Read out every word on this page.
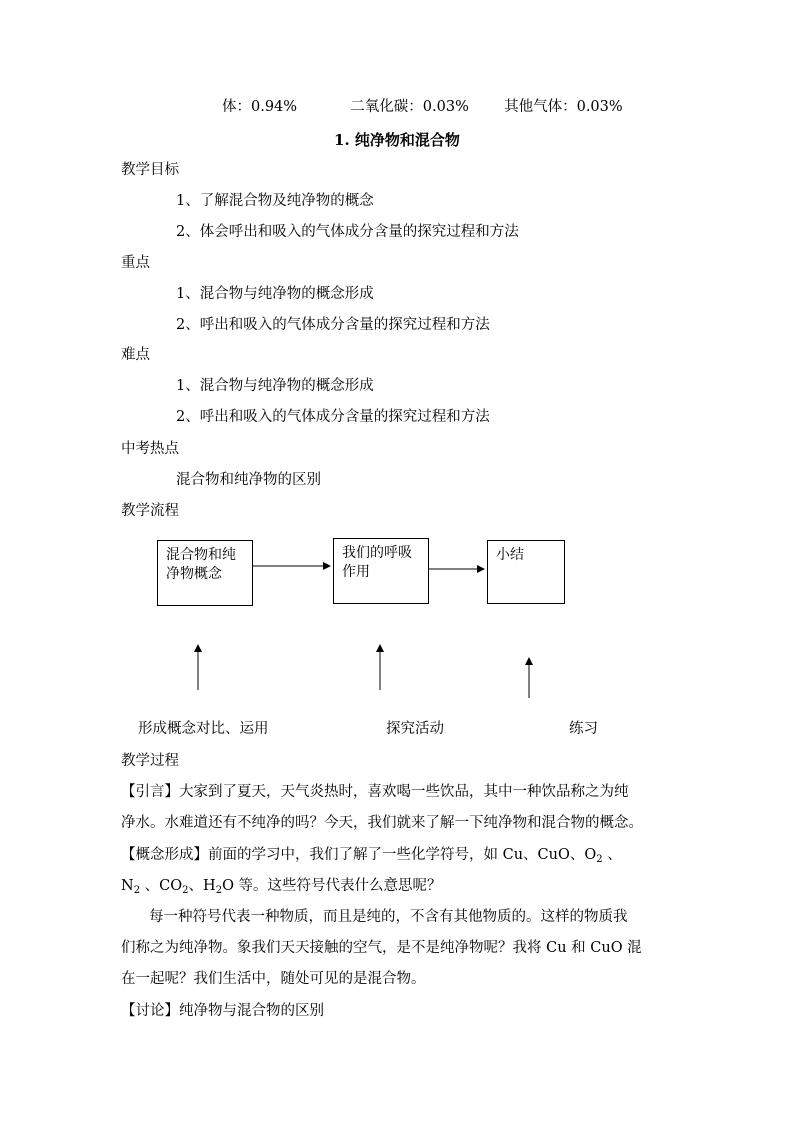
体：0.94%	二氧化碳：0.03% 其他气体：0.03%
1. 纯净物和混合物
教学目标
1、了解混合物及纯净物的概念
2、体会呼出和吸入的气体成分含量的探究过程和方法
重点
1、混合物与纯净物的概念形成
2、呼出和吸入的气体成分含量的探究过程和方法
难点
1、混合物与纯净物的概念形成
2、呼出和吸入的气体成分含量的探究过程和方法
中考热点
混合物和纯净物的区别
教学流程
混合物和纯
净物概念
我们的呼吸
作用
小结
形成概念对比、运用	探究活动	练习
教学过程
【引言】大家到了夏天，天气炎热时，喜欢喝一些饮品，其中一种饮品称之为纯
净水。水难道还有不纯净的吗？今天，我们就来了解一下纯净物和混合物的概念。
【概念形成】前面的学习中，我们了解了一些化学符号，如 Cu、CuO、$O_2$ 、
$N_2$ 、$CO_2$、$H_2O$ 等。这些符号代表什么意思呢？
每一种符号代表一种物质，而且是纯的，不含有其他物质的。这样的物质我
们称之为纯净物。象我们天天接触的空气，是不是纯净物呢？我将 Cu 和 CuO 混
在一起呢？我们生活中，随处可见的是混合物。
【讨论】纯净物与混合物的区别
